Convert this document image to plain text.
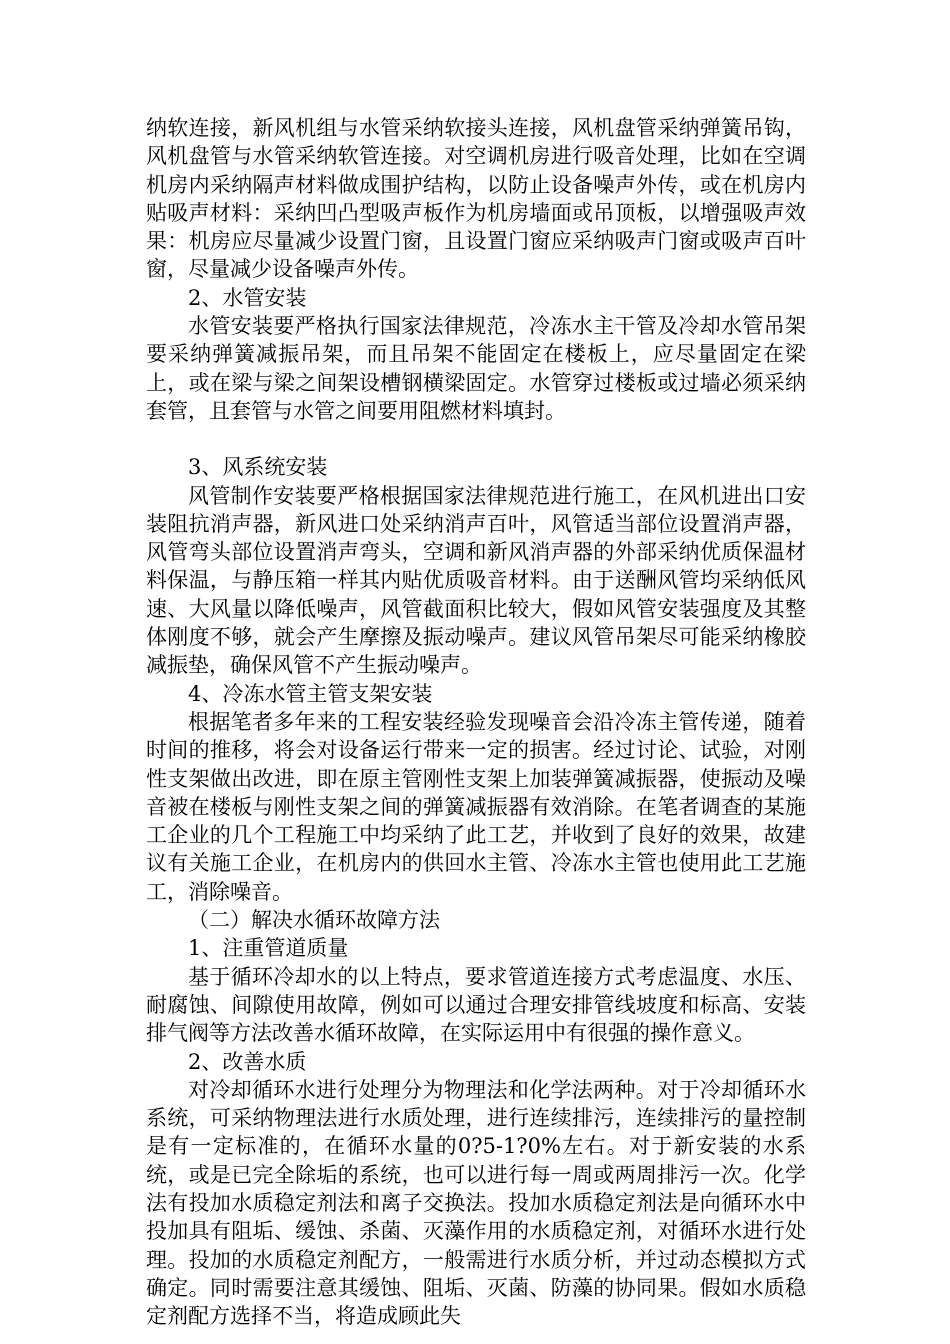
纳软连接，新风机组与水管采纳软接头连接，风机盘管采纳弹簧吊钩，风机盘管与水管采纳软管连接。对空调机房进行吸音处理，比如在空调机房内采纳隔声材料做成围护结构，以防止设备噪声外传，或在机房内贴吸声材料：采纳凹凸型吸声板作为机房墙面或吊顶板，以增强吸声效果：机房应尽量减少设置门窗，且设置门窗应采纳吸声门窗或吸声百叶窗，尽量减少设备噪声外传。

2、水管安装

水管安装要严格执行国家法律规范，冷冻水主干管及冷却水管吊架要采纳弹簧减振吊架，而且吊架不能固定在楼板上，应尽量固定在梁上，或在梁与梁之间架设槽钢横梁固定。水管穿过楼板或过墙必须采纳套管，且套管与水管之间要用阻燃材料填封。

3、风系统安装

风管制作安装要严格根据国家法律规范进行施工，在风机进出口安装阻抗消声器，新风进口处采纳消声百叶，风管适当部位设置消声器，风管弯头部位设置消声弯头，空调和新风消声器的外部采纳优质保温材料保温，与静压箱一样其内贴优质吸音材料。由于送酬风管均采纳低风速、大风量以降低噪声，风管截面积比较大，假如风管安装强度及其整体刚度不够，就会产生摩擦及振动噪声。建议风管吊架尽可能采纳橡胶减振垫，确保风管不产生振动噪声。

4、冷冻水管主管支架安装

根据笔者多年来的工程安装经验发现噪音会沿冷冻主管传递，随着时间的推移，将会对设备运行带来一定的损害。经过讨论、试验，对刚性支架做出改进，即在原主管刚性支架上加装弹簧减振器，使振动及噪音被在楼板与刚性支架之间的弹簧减振器有效消除。在笔者调查的某施工企业的几个工程施工中均采纳了此工艺，并收到了良好的效果，故建议有关施工企业，在机房内的供回水主管、冷冻水主管也使用此工艺施工，消除噪音。

（二）解决水循环故障方法

1、注重管道质量

基于循环冷却水的以上特点，要求管道连接方式考虑温度、水压、耐腐蚀、间隙使用故障，例如可以通过合理安排管线坡度和标高、安装排气阀等方法改善水循环故障，在实际运用中有很强的操作意义。

2、改善水质

对冷却循环水进行处理分为物理法和化学法两种。对于冷却循环水系统，可采纳物理法进行水质处理，进行连续排污，连续排污的量控制是有一定标准的，在循环水量的0?5-1?0%左右。对于新安装的水系统，或是已完全除垢的系统，也可以进行每一周或两周排污一次。化学法有投加水质稳定剂法和离子交换法。投加水质稳定剂法是向循环水中投加具有阻垢、缓蚀、杀菌、灭藻作用的水质稳定剂，对循环水进行处理。投加的水质稳定剂配方，一般需进行水质分析，并过动态模拟方式确定。同时需要注意其缓蚀、阻垢、灭菌、防藻的协同果。假如水质稳定剂配方选择不当，将造成顾此失
